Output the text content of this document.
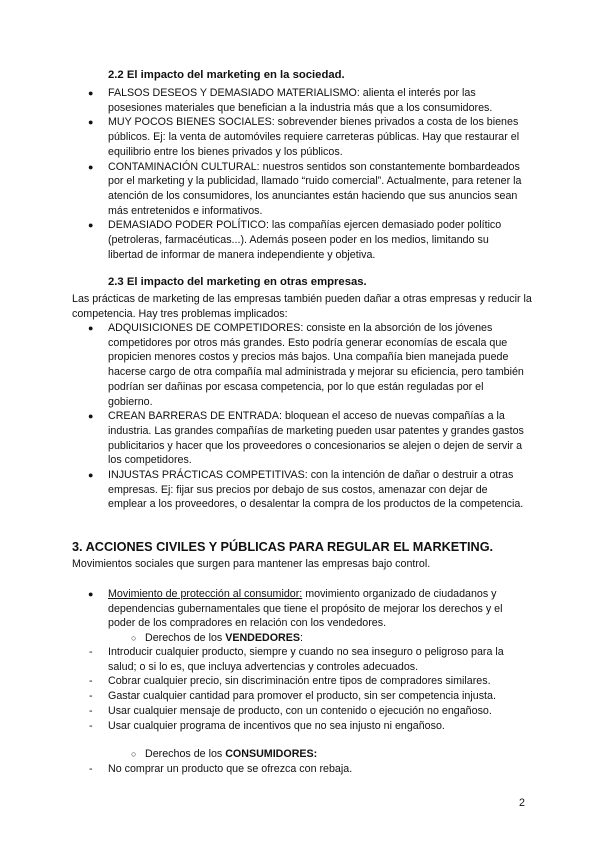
2.2 El impacto del marketing en la sociedad.
● FALSOS DESEOS Y DEMASIADO MATERIALISMO: alienta el interés por las posesiones materiales que benefician a la industria más que a los consumidores.
● MUY POCOS BIENES SOCIALES: sobrevender bienes privados a costa de los bienes públicos. Ej: la venta de automóviles requiere carreteras públicas. Hay que restaurar el equilibrio entre los bienes privados y los públicos.
● CONTAMINACIÓN CULTURAL: nuestros sentidos son constantemente bombardeados por el marketing y la publicidad, llamado “ruido comercial”. Actualmente, para retener la atención de los consumidores, los anunciantes están haciendo que sus anuncios sean más entretenidos e informativos.
● DEMASIADO PODER POLÍTICO: las compañías ejercen demasiado poder político (petroleras, farmacéuticas...). Además poseen poder en los medios, limitando su libertad de informar de manera independiente y objetiva.
2.3 El impacto del marketing en otras empresas.
Las prácticas de marketing de las empresas también pueden dañar a otras empresas y reducir la competencia. Hay tres problemas implicados:
● ADQUISICIONES DE COMPETIDORES: consiste en la absorción de los jóvenes competidores por otros más grandes. Esto podría generar economías de escala que propicien menores costos y precios más bajos. Una compañía bien manejada puede hacerse cargo de otra compañía mal administrada y mejorar su eficiencia, pero también podrían ser dañinas por escasa competencia, por lo que están reguladas por el gobierno.
● CREAN BARRERAS DE ENTRADA: bloquean el acceso de nuevas compañías a la industria. Las grandes compañías de marketing pueden usar patentes y grandes gastos publicitarios y hacer que los proveedores o concesionarios se alejen o dejen de servir a los competidores.
● INJUSTAS PRÁCTICAS COMPETITIVAS: con la intención de dañar o destruir a otras empresas. Ej: fijar sus precios por debajo de sus costos, amenazar con dejar de emplear a los proveedores, o desalentar la compra de los productos de la competencia.
3. ACCIONES CIVILES Y PÚBLICAS PARA REGULAR EL MARKETING.
Movimientos sociales que surgen para mantener las empresas bajo control.
● Movimiento de protección al consumidor: movimiento organizado de ciudadanos y dependencias gubernamentales que tiene el propósito de mejorar los derechos y el poder de los compradores en relación con los vendedores.
○ Derechos de los VENDEDORES:
- Introducir cualquier producto, siempre y cuando no sea inseguro o peligroso para la salud; o si lo es, que incluya advertencias y controles adecuados.
- Cobrar cualquier precio, sin discriminación entre tipos de compradores similares.
- Gastar cualquier cantidad para promover el producto, sin ser competencia injusta.
- Usar cualquier mensaje de producto, con un contenido o ejecución no engañoso.
- Usar cualquier programa de incentivos que no sea injusto ni engañoso.
○ Derechos de los CONSUMIDORES:
- No comprar un producto que se ofrezca con rebaja.
2
